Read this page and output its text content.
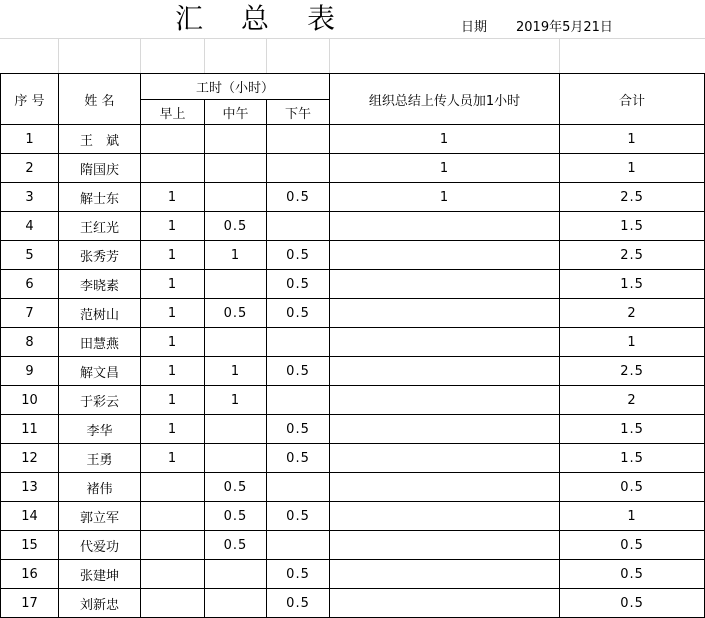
汇总表	日期 2019年5月21日
序 号	姓 名	工时（小时）			组织总结上传人员加1小时	合计
		早上	中午	下午		
1	王　斌				1	1
2	隋国庆				1	1
3	解士东	1		0.5	1	2.5
4	王红光	1	0.5			1.5
5	张秀芳	1	1	0.5		2.5
6	李晓素	1		0.5		1.5
7	范树山	1	0.5	0.5		2
8	田慧燕	1				1
9	解文昌	1	1	0.5		2.5
10	于彩云	1	1			2
11	李华	1		0.5		1.5
12	王勇	1		0.5		1.5
13	褚伟		0.5			0.5
14	郭立军		0.5	0.5		1
15	代爱功		0.5			0.5
16	张建坤			0.5		0.5
17	刘新忠			0.5		0.5
